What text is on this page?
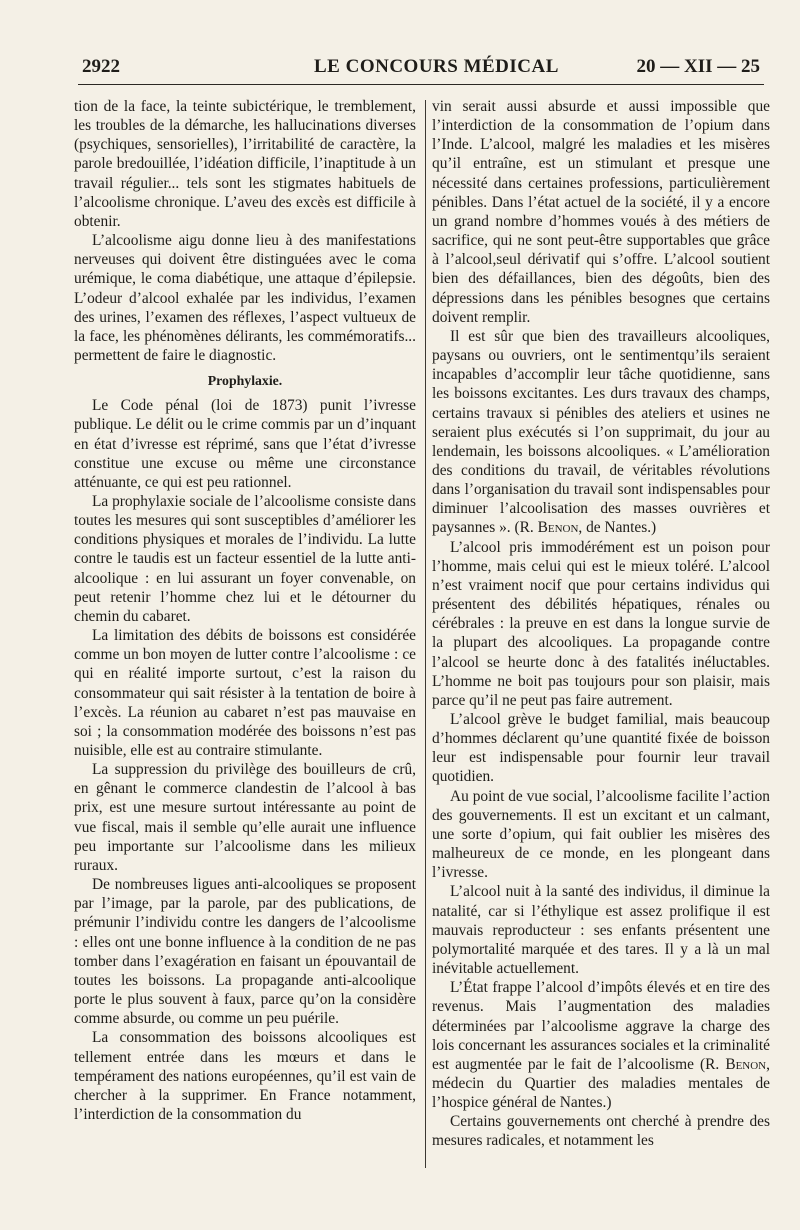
2922	LE CONCOURS MÉDICAL	20 — XII — 25

tion de la face, la teinte subictérique, le tremblement, les troubles de la démarche, les hallucinations diverses (psychiques, sensorielles), l’irritabilité de caractère, la parole bredouillée, l’idéation difficile, l’inaptitude à un travail régulier... tels sont les stigmates habituels de l’alcoolisme chronique. L’aveu des excès est difficile à obtenir.

L’alcoolisme aigu donne lieu à des manifestations nerveuses qui doivent être distinguées avec le coma urémique, le coma diabétique, une attaque d’épilepsie. L’odeur d’alcool exhalée par les individus, l’examen des urines, l’examen des réflexes, l’aspect vultueux de la face, les phénomènes délirants, les commémoratifs... permettent de faire le diagnostic.

Prophylaxie.

Le Code pénal (loi de 1873) punit l’ivresse publique. Le délit ou le crime commis par un d’inquant en état d’ivresse est réprimé, sans que l’état d’ivresse constitue une excuse ou même une circonstance atténuante, ce qui est peu rationnel.

La prophylaxie sociale de l’alcoolisme consiste dans toutes les mesures qui sont susceptibles d’améliorer les conditions physiques et morales de l’individu. La lutte contre le taudis est un facteur essentiel de la lutte anti-alcoolique : en lui assurant un foyer convenable, on peut retenir l’homme chez lui et le détourner du chemin du cabaret.

La limitation des débits de boissons est considérée comme un bon moyen de lutter contre l’alcoolisme : ce qui en réalité importe surtout, c’est la raison du consommateur qui sait résister à la tentation de boire à l’excès. La réunion au cabaret n’est pas mauvaise en soi ; la consommation modérée des boissons n’est pas nuisible, elle est au contraire stimulante.

La suppression du privilège des bouilleurs de crû, en gênant le commerce clandestin de l’alcool à bas prix, est une mesure surtout intéressante au point de vue fiscal, mais il semble qu’elle aurait une influence peu importante sur l’alcoolisme dans les milieux ruraux.

De nombreuses ligues anti-alcooliques se proposent par l’image, par la parole, par des publications, de prémunir l’individu contre les dangers de l’alcoolisme : elles ont une bonne influence à la condition de ne pas tomber dans l’exagération en faisant un épouvantail de toutes les boissons. La propagande anti-alcoolique porte le plus souvent à faux, parce qu’on la considère comme absurde, ou comme un peu puérile.

La consommation des boissons alcooliques est tellement entrée dans les mœurs et dans le tempérament des nations européennes, qu’il est vain de chercher à la supprimer. En France notamment, l’interdiction de la consommation du

vin serait aussi absurde et aussi impossible que l’interdiction de la consommation de l’opium dans l’Inde. L’alcool, malgré les maladies et les misères qu’il entraîne, est un stimulant et presque une nécessité dans certaines professions, particulièrement pénibles. Dans l’état actuel de la société, il y a encore un grand nombre d’hommes voués à des métiers de sacrifice, qui ne sont peut-être supportables que grâce à l’alcool,seul dérivatif qui s’offre. L’alcool soutient bien des défaillances, bien des dégoûts, bien des dépressions dans les pénibles besognes que certains doivent remplir.

Il est sûr que bien des travailleurs alcooliques, paysans ou ouvriers, ont le sentimentqu’ils seraient incapables d’accomplir leur tâche quotidienne, sans les boissons excitantes. Les durs travaux des champs, certains travaux si pénibles des ateliers et usines ne seraient plus exécutés si l’on supprimait, du jour au lendemain, les boissons alcooliques. « L’amélioration des conditions du travail, de véritables révolutions dans l’organisation du travail sont indispensables pour diminuer l’alcoolisation des masses ouvrières et paysannes ». (R. Benon, de Nantes.)

L’alcool pris immodérément est un poison pour l’homme, mais celui qui est le mieux toléré. L’alcool n’est vraiment nocif que pour certains individus qui présentent des débilités hépatiques, rénales ou cérébrales : la preuve en est dans la longue survie de la plupart des alcooliques. La propagande contre l’alcool se heurte donc à des fatalités inéluctables. L’homme ne boit pas toujours pour son plaisir, mais parce qu’il ne peut pas faire autrement.

L’alcool grève le budget familial, mais beaucoup d’hommes déclarent qu’une quantité fixée de boisson leur est indispensable pour fournir leur travail quotidien.

Au point de vue social, l’alcoolisme facilite l’action des gouvernements. Il est un excitant et un calmant, une sorte d’opium, qui fait oublier les misères des malheureux de ce monde, en les plongeant dans l’ivresse.

L’alcool nuit à la santé des individus, il diminue la natalité, car si l’éthylique est assez prolifique il est mauvais reproducteur : ses enfants présentent une polymortalité marquée et des tares. Il y a là un mal inévitable actuellement.

L’État frappe l’alcool d’impôts élevés et en tire des revenus. Mais l’augmentation des maladies déterminées par l’alcoolisme aggrave la charge des lois concernant les assurances sociales et la criminalité est augmentée par le fait de l’alcoolisme (R. Benon, médecin du Quartier des maladies mentales de l’hospice général de Nantes.)

Certains gouvernements ont cherché à prendre des mesures radicales, et notamment les
